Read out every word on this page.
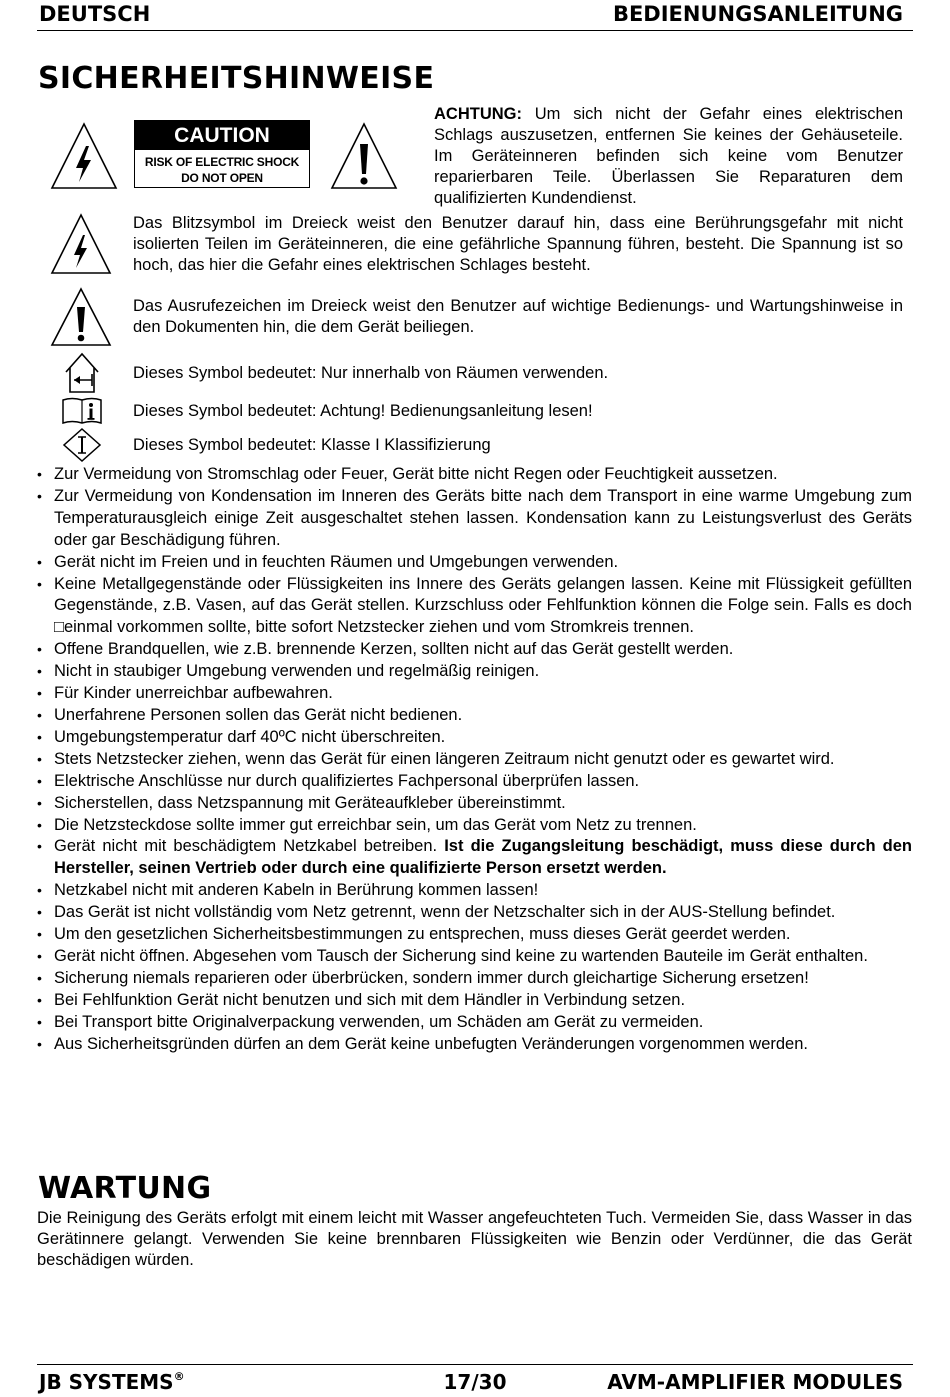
DEUTSCH	BEDIENUNGSANLEITUNG
SICHERHEITSHINWEISE
CAUTION
RISK OF ELECTRIC SHOCK
DO NOT OPEN
ACHTUNG: Um sich nicht der Gefahr eines elektrischen Schlags auszusetzen, entfernen Sie keines der Gehäuseteile. Im Geräteinneren befinden sich keine vom Benutzer reparierbaren Teile. Überlassen Sie Reparaturen dem qualifizierten Kundendienst.
Das Blitzsymbol im Dreieck weist den Benutzer darauf hin, dass eine Berührungsgefahr mit nicht isolierten Teilen im Geräteinneren, die eine gefährliche Spannung führen, besteht. Die Spannung ist so hoch, das hier die Gefahr eines elektrischen Schlages besteht.
Das Ausrufezeichen im Dreieck weist den Benutzer auf wichtige Bedienungs- und Wartungshinweise in den Dokumenten hin, die dem Gerät beiliegen.
Dieses Symbol bedeutet: Nur innerhalb von Räumen verwenden.
Dieses Symbol bedeutet: Achtung! Bedienungsanleitung lesen!
Dieses Symbol bedeutet: Klasse I Klassifizierung
• Zur Vermeidung von Stromschlag oder Feuer, Gerät bitte nicht Regen oder Feuchtigkeit aussetzen.
• Zur Vermeidung von Kondensation im Inneren des Geräts bitte nach dem Transport in eine warme Umgebung zum Temperaturausgleich einige Zeit ausgeschaltet stehen lassen. Kondensation kann zu Leistungsverlust des Geräts oder gar Beschädigung führen.
• Gerät nicht im Freien und in feuchten Räumen und Umgebungen verwenden.
• Keine Metallgegenstände oder Flüssigkeiten ins Innere des Geräts gelangen lassen. Keine mit Flüssigkeit gefüllten Gegenstände, z.B. Vasen, auf das Gerät stellen. Kurzschluss oder Fehlfunktion können die Folge sein. Falls es doch □einmal vorkommen sollte, bitte sofort Netzstecker ziehen und vom Stromkreis trennen.
• Offene Brandquellen, wie z.B. brennende Kerzen, sollten nicht auf das Gerät gestellt werden.
• Nicht in staubiger Umgebung verwenden und regelmäßig reinigen.
• Für Kinder unerreichbar aufbewahren.
• Unerfahrene Personen sollen das Gerät nicht bedienen.
• Umgebungstemperatur darf 40ºC nicht überschreiten.
• Stets Netzstecker ziehen, wenn das Gerät für einen längeren Zeitraum nicht genutzt oder es gewartet wird.
• Elektrische Anschlüsse nur durch qualifiziertes Fachpersonal überprüfen lassen.
• Sicherstellen, dass Netzspannung mit Geräteaufkleber übereinstimmt.
• Die Netzsteckdose sollte immer gut erreichbar sein, um das Gerät vom Netz zu trennen.
• Gerät nicht mit beschädigtem Netzkabel betreiben. Ist die Zugangsleitung beschädigt, muss diese durch den Hersteller, seinen Vertrieb oder durch eine qualifizierte Person ersetzt werden.
• Netzkabel nicht mit anderen Kabeln in Berührung kommen lassen!
• Das Gerät ist nicht vollständig vom Netz getrennt, wenn der Netzschalter sich in der AUS-Stellung befindet.
• Um den gesetzlichen Sicherheitsbestimmungen zu entsprechen, muss dieses Gerät geerdet werden.
• Gerät nicht öffnen. Abgesehen vom Tausch der Sicherung sind keine zu wartenden Bauteile im Gerät enthalten.
• Sicherung niemals reparieren oder überbrücken, sondern immer durch gleichartige Sicherung ersetzen!
• Bei Fehlfunktion Gerät nicht benutzen und sich mit dem Händler in Verbindung setzen.
• Bei Transport bitte Originalverpackung verwenden, um Schäden am Gerät zu vermeiden.
• Aus Sicherheitsgründen dürfen an dem Gerät keine unbefugten Veränderungen vorgenommen werden.
WARTUNG
Die Reinigung des Geräts erfolgt mit einem leicht mit Wasser angefeuchteten Tuch. Vermeiden Sie, dass Wasser in das Gerätinnere gelangt. Verwenden Sie keine brennbaren Flüssigkeiten wie Benzin oder Verdünner, die das Gerät beschädigen würden.
JB SYSTEMS®	17/30	AVM-AMPLIFIER MODULES
